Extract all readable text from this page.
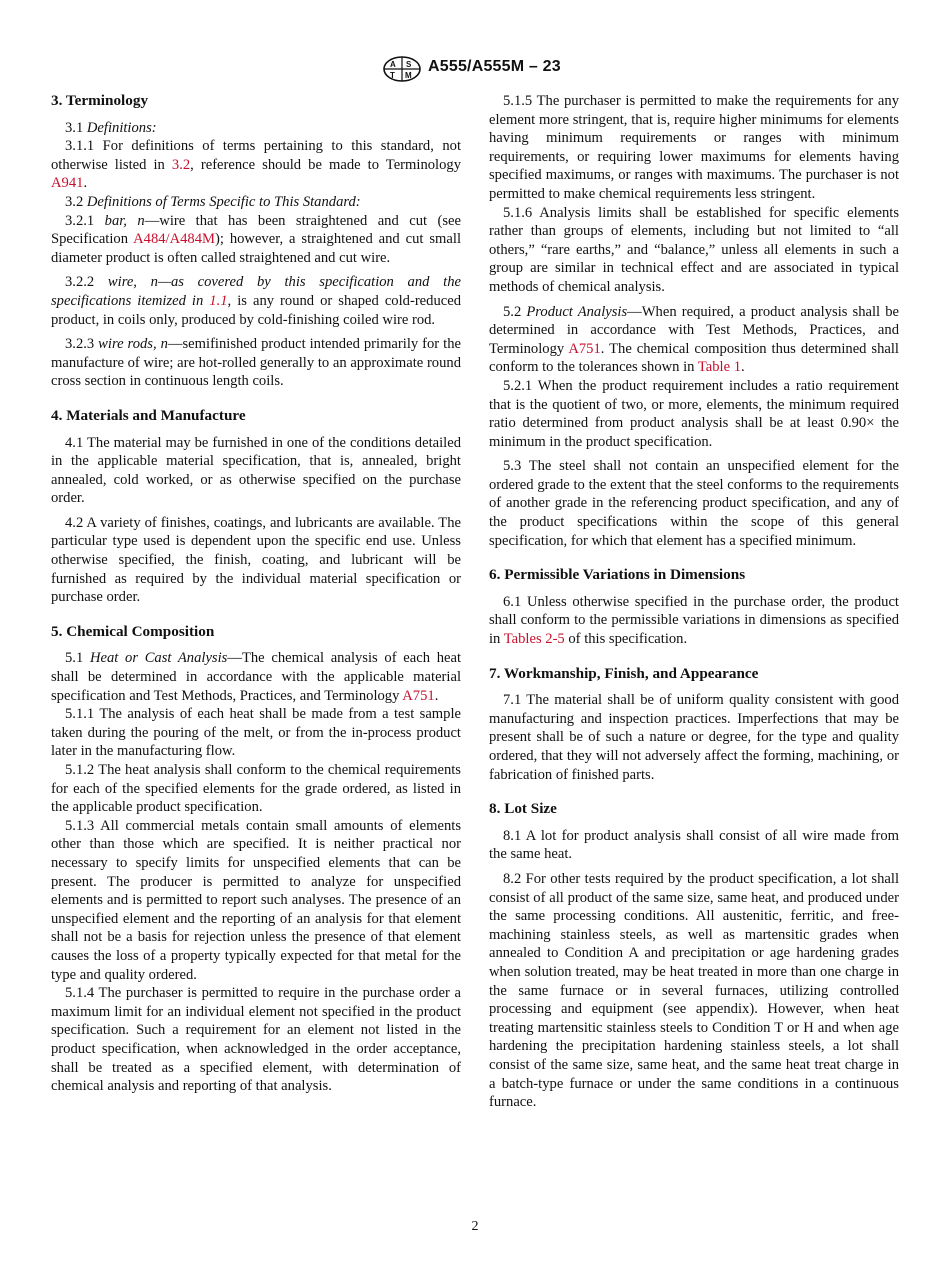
A S
T M
A555/A555M – 23
3. Terminology

3.1 Definitions:

3.1.1 For definitions of terms pertaining to this standard, not otherwise listed in 3.2, reference should be made to Terminology A941.

3.2 Definitions of Terms Specific to This Standard:

3.2.1 bar, n—wire that has been straightened and cut (see Specification A484/A484M); however, a straightened and cut small diameter product is often called straightened and cut wire.

3.2.2 wire, n—as covered by this specification and the specifications itemized in 1.1, is any round or shaped cold-reduced product, in coils only, produced by cold-finishing coiled wire rod.

3.2.3 wire rods, n—semifinished product intended primarily for the manufacture of wire; are hot-rolled generally to an approximate round cross section in continuous length coils.

4. Materials and Manufacture

4.1 The material may be furnished in one of the conditions detailed in the applicable material specification, that is, annealed, bright annealed, cold worked, or as otherwise specified on the purchase order.

4.2 A variety of finishes, coatings, and lubricants are available. The particular type used is dependent upon the specific end use. Unless otherwise specified, the finish, coating, and lubricant will be furnished as required by the individual material specification or purchase order.

5. Chemical Composition

5.1 Heat or Cast Analysis—The chemical analysis of each heat shall be determined in accordance with the applicable material specification and Test Methods, Practices, and Terminology A751.

5.1.1 The analysis of each heat shall be made from a test sample taken during the pouring of the melt, or from the in-process product later in the manufacturing flow.

5.1.2 The heat analysis shall conform to the chemical requirements for each of the specified elements for the grade ordered, as listed in the applicable product specification.

5.1.3 All commercial metals contain small amounts of elements other than those which are specified. It is neither practical nor necessary to specify limits for unspecified elements that can be present. The producer is permitted to analyze for unspecified elements and is permitted to report such analyses. The presence of an unspecified element and the reporting of an analysis for that element shall not be a basis for rejection unless the presence of that element causes the loss of a property typically expected for that metal for the type and quality ordered.

5.1.4 The purchaser is permitted to require in the purchase order a maximum limit for an individual element not specified in the product specification. Such a requirement for an element not listed in the product specification, when acknowledged in the order acceptance, shall be treated as a specified element, with determination of chemical analysis and reporting of that analysis.

5.1.5 The purchaser is permitted to make the requirements for any element more stringent, that is, require higher minimums for elements having minimum requirements or ranges with minimum requirements, or requiring lower maximums for elements having specified maximums, or ranges with maximums. The purchaser is not permitted to make chemical requirements less stringent.

5.1.6 Analysis limits shall be established for specific elements rather than groups of elements, including but not limited to “all others,” “rare earths,” and “balance,” unless all elements in such a group are similar in technical effect and are associated in typical methods of chemical analysis.

5.2 Product Analysis—When required, a product analysis shall be determined in accordance with Test Methods, Practices, and Terminology A751. The chemical composition thus determined shall conform to the tolerances shown in Table 1.

5.2.1 When the product requirement includes a ratio requirement that is the quotient of two, or more, elements, the minimum required ratio determined from product analysis shall be at least 0.90× the minimum in the product specification.

5.3 The steel shall not contain an unspecified element for the ordered grade to the extent that the steel conforms to the requirements of another grade in the referencing product specification, and any of the product specifications within the scope of this general specification, for which that element has a specified minimum.

6. Permissible Variations in Dimensions

6.1 Unless otherwise specified in the purchase order, the product shall conform to the permissible variations in dimensions as specified in Tables 2-5 of this specification.

7. Workmanship, Finish, and Appearance

7.1 The material shall be of uniform quality consistent with good manufacturing and inspection practices. Imperfections that may be present shall be of such a nature or degree, for the type and quality ordered, that they will not adversely affect the forming, machining, or fabrication of finished parts.

8. Lot Size

8.1 A lot for product analysis shall consist of all wire made from the same heat.

8.2 For other tests required by the product specification, a lot shall consist of all product of the same size, same heat, and produced under the same processing conditions. All austenitic, ferritic, and free-machining stainless steels, as well as martensitic grades when annealed to Condition A and precipitation or age hardening grades when solution treated, may be heat treated in more than one charge in the same furnace or in several furnaces, utilizing controlled processing and equipment (see appendix). However, when heat treating martensitic stainless steels to Condition T or H and when age hardening the precipitation hardening stainless steels, a lot shall consist of the same size, same heat, and the same heat treat charge in a batch-type furnace or under the same conditions in a continuous furnace.

2
